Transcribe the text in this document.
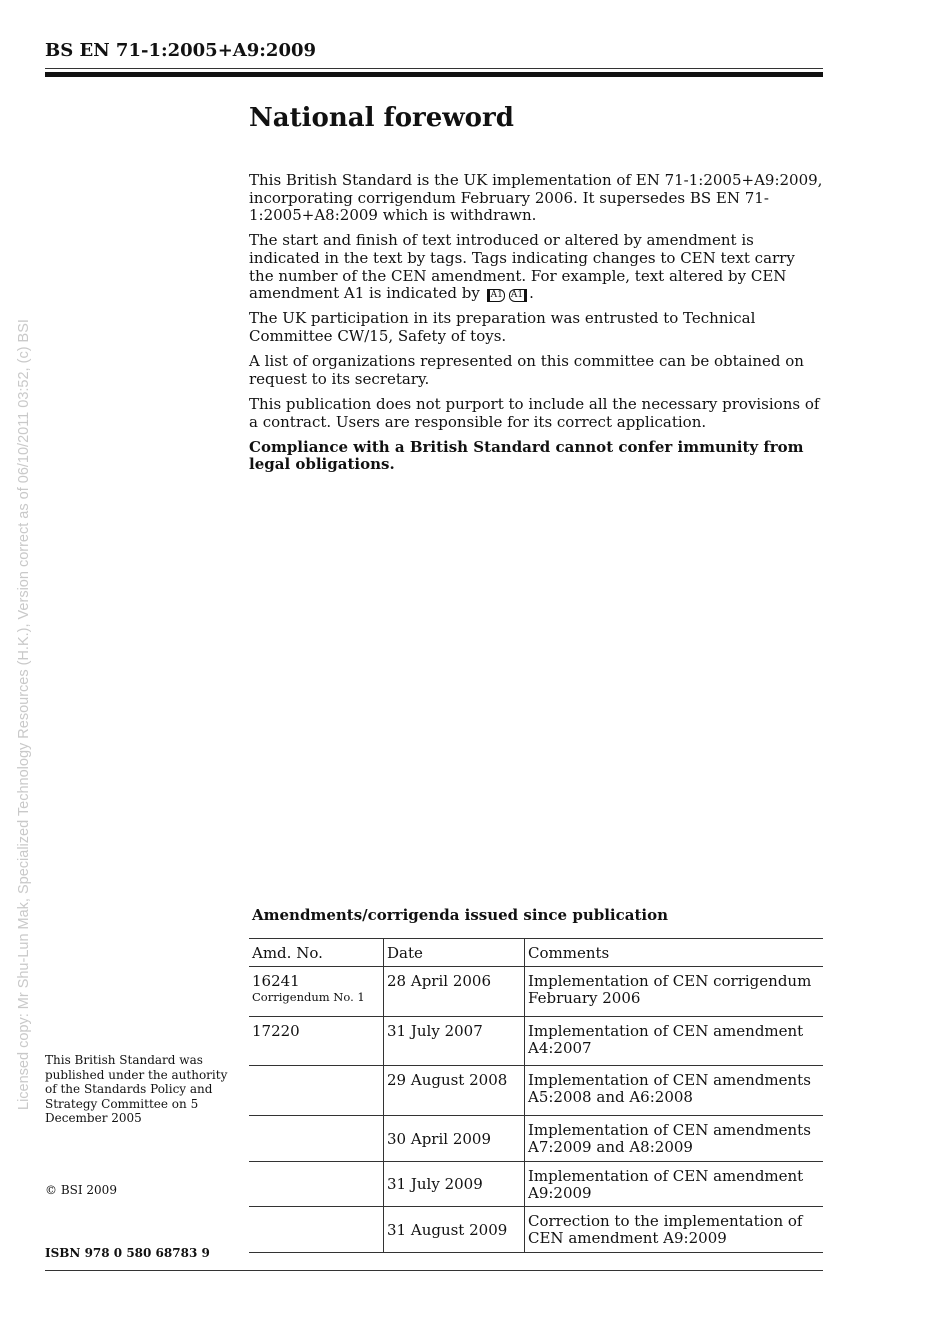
BS EN 71-1:2005+A9:2009
Licensed copy: Mr Shu-Lun Mak, Specialized Technology Resources (H.K.), Version correct as of 06/10/2011 03:52, (c) BSI
National foreword

This British Standard is the UK implementation of EN 71-1:2005+A9:2009, incorporating corrigendum February 2006. It supersedes BS EN 71-1:2005+A8:2009 which is withdrawn.

The start and finish of text introduced or altered by amendment is indicated in the text by tags. Tags indicating changes to CEN text carry the number of the CEN amendment. For example, text altered by CEN amendment A1 is indicated by A1 A1 .

The UK participation in its preparation was entrusted to Technical Committee CW/15, Safety of toys.

A list of organizations represented on this committee can be obtained on request to its secretary.

This publication does not purport to include all the necessary provisions of a contract. Users are responsible for its correct application.

Compliance with a British Standard cannot confer immunity from legal obligations.

Amendments/corrigenda issued since publication
Amd. No.	Date	Comments
16241
Corrigendum No. 1	28 April 2006	Implementation of CEN corrigendum February 2006
17220	31 July 2007	Implementation of CEN amendment A4:2007
	29 August 2008	Implementation of CEN amendments A5:2008 and A6:2008
	30 April 2009	Implementation of CEN amendments A7:2009 and A8:2009
	31 July 2009	Implementation of CEN amendment A9:2009
	31 August 2009	Correction to the implementation of CEN amendment A9:2009
This British Standard was published under the authority of the Standards Policy and Strategy Committee on 5 December 2005
© BSI 2009
ISBN 978 0 580 68783 9
